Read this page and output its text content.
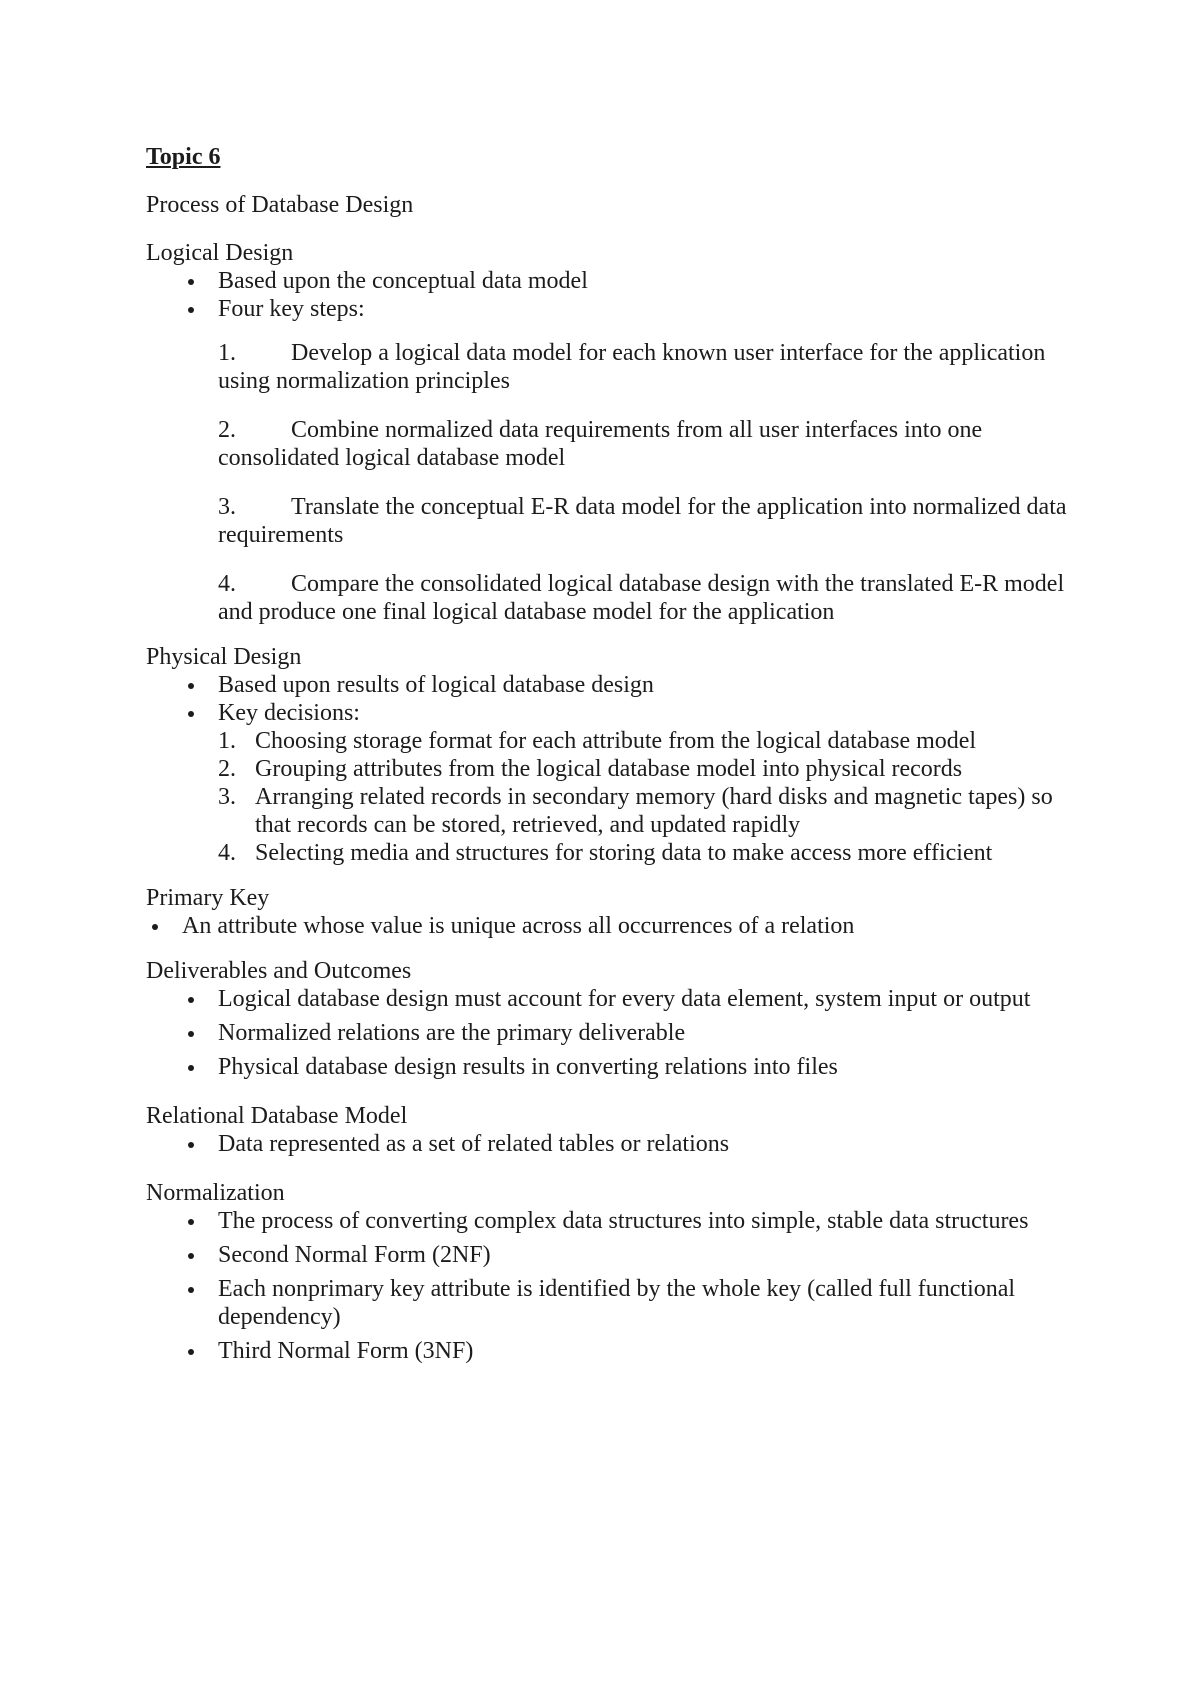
Topic 6

Process of Database Design

Logical Design

Based upon the conceptual data model
Four key steps:

1. Develop a logical data model for each known user interface for the application using normalization principles

2. Combine normalized data requirements from all user interfaces into one consolidated logical database model

3. Translate the conceptual E-R data model for the application into normalized data requirements

4. Compare the consolidated logical database design with the translated E-R model and produce one final logical database model for the application

Physical Design

Based upon results of logical database design
Key decisions:
1. Choosing storage format for each attribute from the logical database model
2. Grouping attributes from the logical database model into physical records
3. Arranging related records in secondary memory (hard disks and magnetic tapes) so that records can be stored, retrieved, and updated rapidly
4. Selecting media and structures for storing data to make access more efficient

Primary Key

An attribute whose value is unique across all occurrences of a relation

Deliverables and Outcomes

Logical database design must account for every data element, system input or output
Normalized relations are the primary deliverable
Physical database design results in converting relations into files

Relational Database Model

Data represented as a set of related tables or relations

Normalization

The process of converting complex data structures into simple, stable data structures
Second Normal Form (2NF)
Each nonprimary key attribute is identified by the whole key (called full functional dependency)
Third Normal Form (3NF)
